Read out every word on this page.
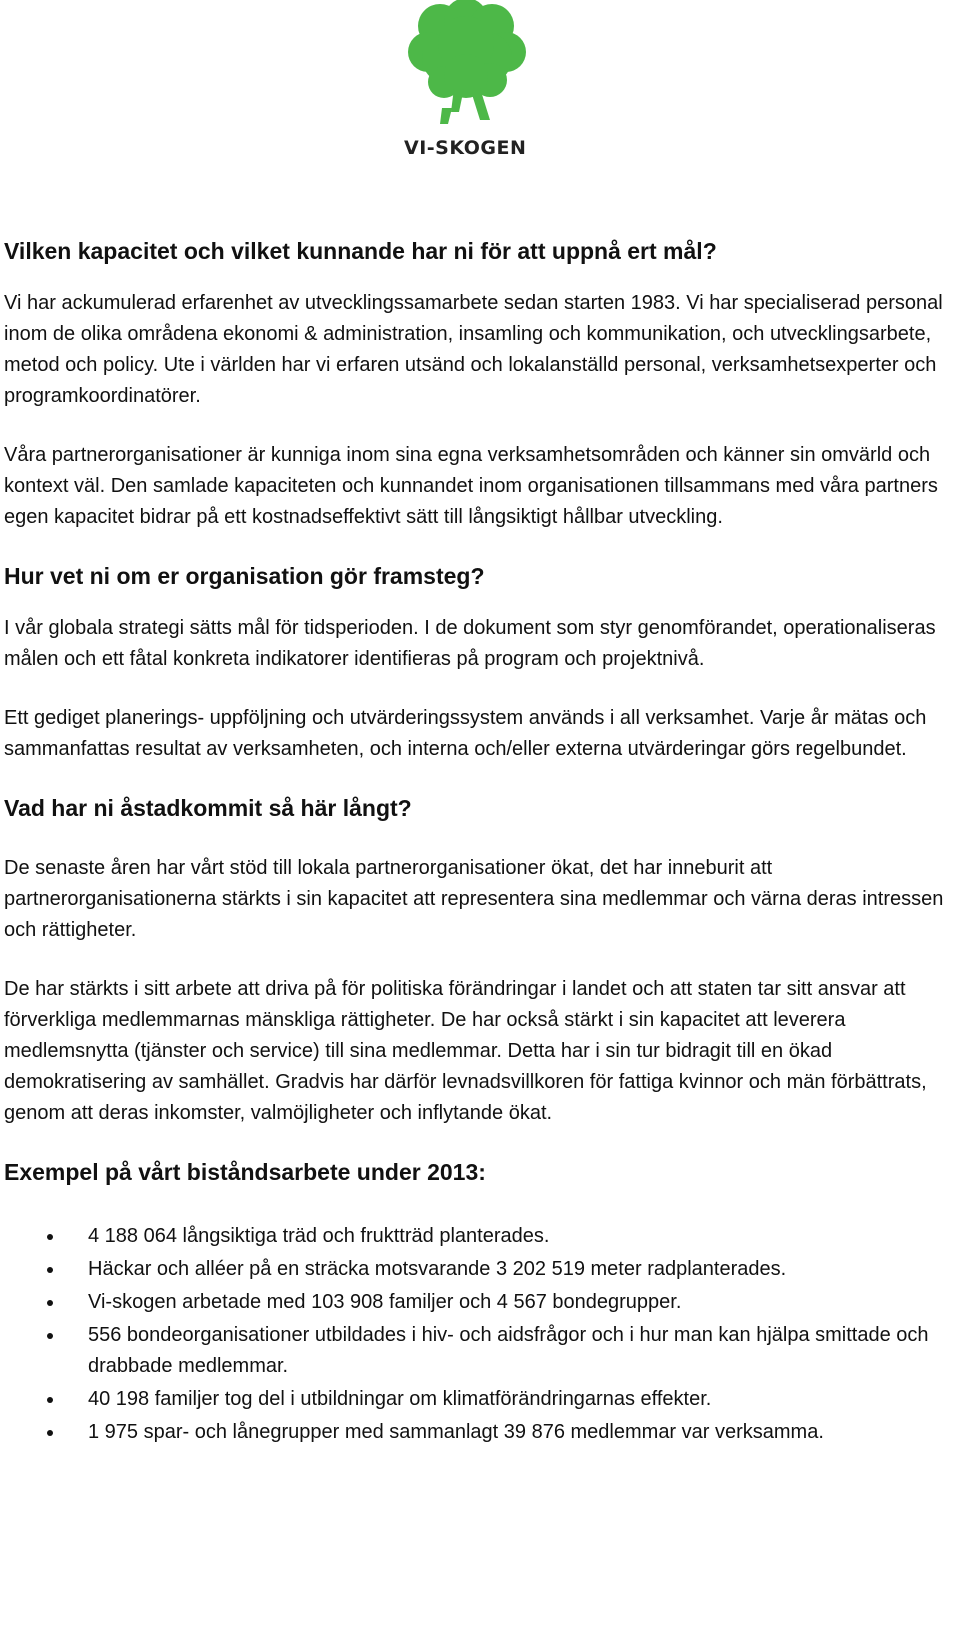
VI-SKOGEN
Vilken kapacitet och vilket kunnande har ni för att uppnå ert mål?

Vi har ackumulerad erfarenhet av utvecklingssamarbete sedan starten 1983. Vi har specialiserad personal inom de olika områdena ekonomi & administration, insamling och kommunikation, och utvecklingsarbete, metod och policy. Ute i världen har vi erfaren utsänd och lokalanställd personal, verksamhetsexperter och programkoordinatörer.

Våra partnerorganisationer är kunniga inom sina egna verksamhetsområden och känner sin omvärld och kontext väl. Den samlade kapaciteten och kunnandet inom organisationen tillsammans med våra partners egen kapacitet bidrar på ett kostnadseffektivt sätt till långsiktigt hållbar utveckling.

Hur vet ni om er organisation gör framsteg?

I vår globala strategi sätts mål för tidsperioden. I de dokument som styr genomförandet, operationaliseras målen och ett fåtal konkreta indikatorer identifieras på program och projektnivå.

Ett gediget planerings- uppföljning och utvärderingssystem används i all verksamhet. Varje år mätas och sammanfattas resultat av verksamheten, och interna och/eller externa utvärderingar görs regelbundet.

Vad har ni åstadkommit så här långt?

De senaste åren har vårt stöd till lokala partnerorganisationer ökat, det har inneburit att partnerorganisationerna stärkts i sin kapacitet att representera sina medlemmar och värna deras intressen och rättigheter.

De har stärkts i sitt arbete att driva på för politiska förändringar i landet och att staten tar sitt ansvar att förverkliga medlemmarnas mänskliga rättigheter. De har också stärkt i sin kapacitet att leverera medlemsnytta (tjänster och service) till sina medlemmar. Detta har i sin tur bidragit till en ökad demokratisering av samhället. Gradvis har därför levnadsvillkoren för fattiga kvinnor och män förbättrats, genom att deras inkomster, valmöjligheter och inflytande ökat.

Exempel på vårt biståndsarbete under 2013:
4 188 064 långsiktiga träd och fruktträd planterades.
Häckar och alléer på en sträcka motsvarande 3 202 519 meter radplanterades.
Vi-skogen arbetade med 103 908 familjer och 4 567 bondegrupper.
556 bondeorganisationer utbildades i hiv- och aidsfrågor och i hur man kan hjälpa smittade och drabbade medlemmar.
40 198 familjer tog del i utbildningar om klimatförändringarnas effekter.
1 975 spar- och lånegrupper med sammanlagt 39 876 medlemmar var verksamma.
